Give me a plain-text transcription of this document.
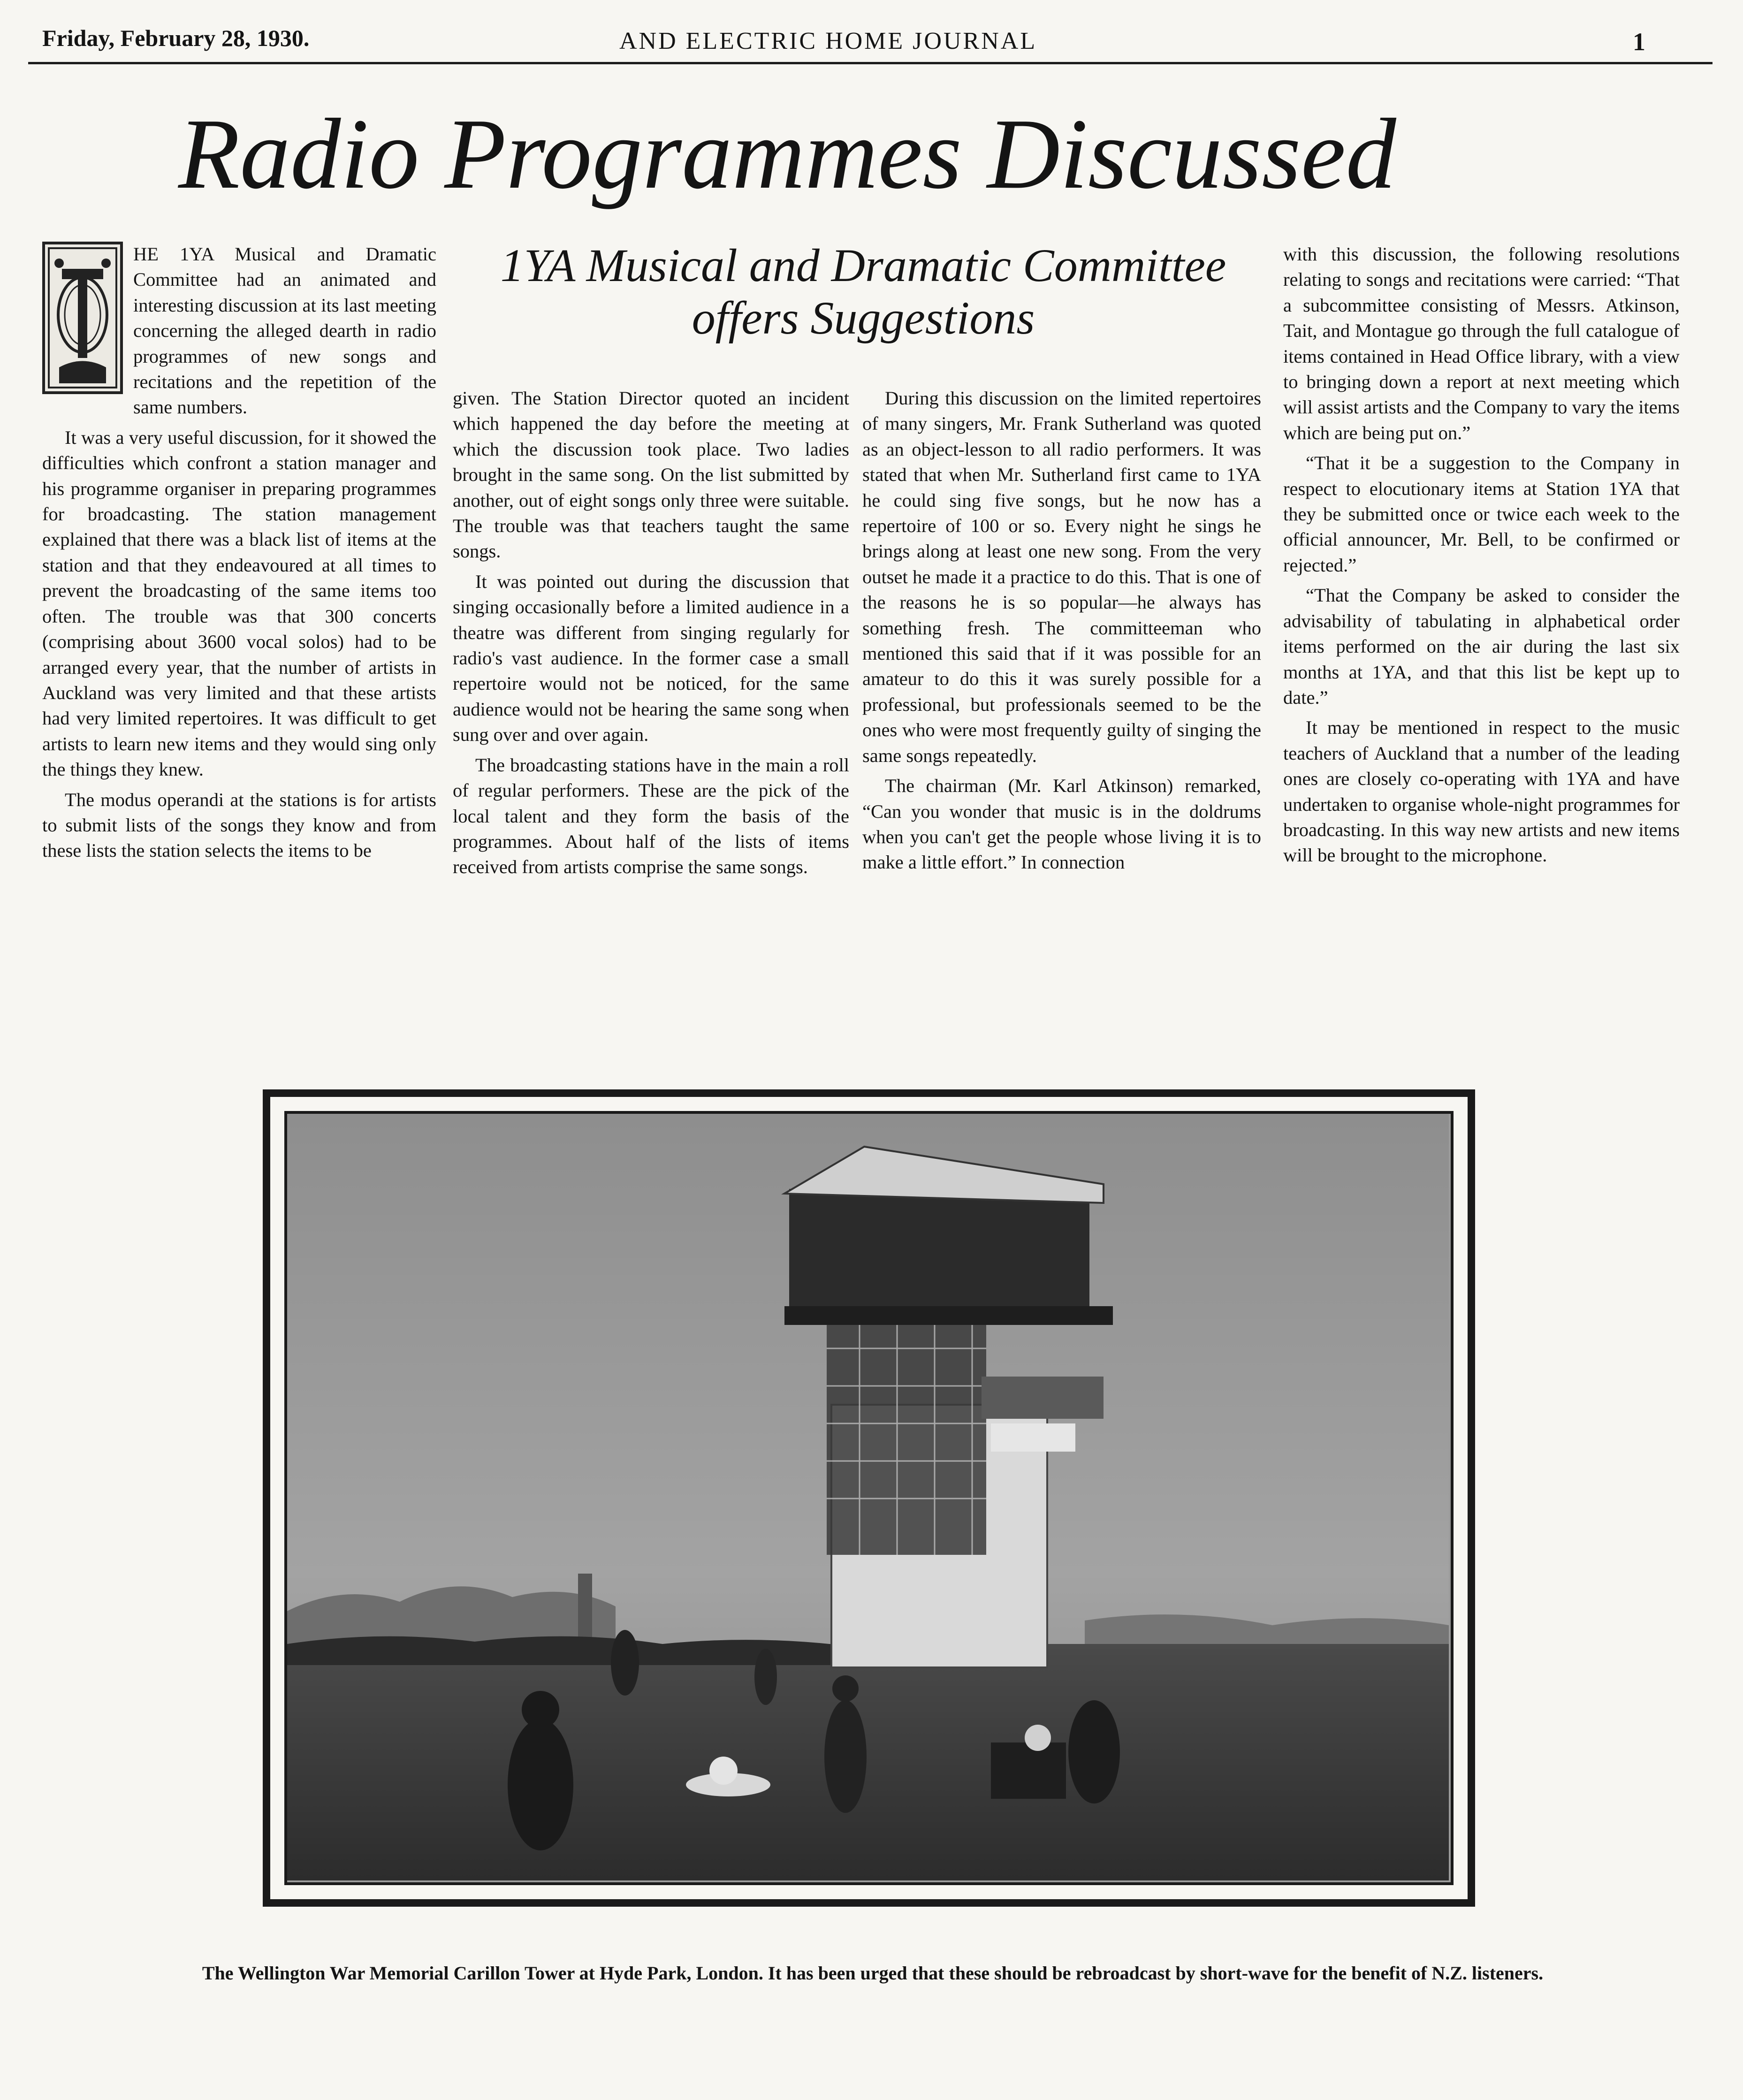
Friday, February 28, 1930.	AND ELECTRIC HOME JOURNAL	1
Radio Programmes Discussed
1YA Musical and Dramatic Committee offers Suggestions

HE 1YA Musical and Dramatic Committee had an animated and interesting discussion at its last meeting concerning the alleged dearth in radio programmes of new songs and recitations and the repetition of the same numbers.

It was a very useful discussion, for it showed the difficulties which confront a station manager and his programme organiser in preparing programmes for broadcasting. The station management explained that there was a black list of items at the station and that they endeavoured at all times to prevent the broadcasting of the same items too often. The trouble was that 300 concerts (comprising about 3600 vocal solos) had to be arranged every year, that the number of artists in Auckland was very limited and that these artists had very limited repertoires. It was difficult to get artists to learn new items and they would sing only the things they knew.

The modus operandi at the stations is for artists to submit lists of the songs they know and from these lists the station selects the items to be

given. The Station Director quoted an incident which happened the day before the meeting at which the discussion took place. Two ladies brought in the same song. On the list submitted by another, out of eight songs only three were suitable. The trouble was that teachers taught the same songs.

It was pointed out during the discussion that singing occasionally before a limited audience in a theatre was different from singing regularly for radio's vast audience. In the former case a small repertoire would not be noticed, for the same audience would not be hearing the same song when sung over and over again.

The broadcasting stations have in the main a roll of regular performers. These are the pick of the local talent and they form the basis of the programmes. About half of the lists of items received from artists comprise the same songs.

During this discussion on the limited repertoires of many singers, Mr. Frank Sutherland was quoted as an object-lesson to all radio performers. It was stated that when Mr. Sutherland first came to 1YA he could sing five songs, but he now has a repertoire of 100 or so. Every night he sings he brings along at least one new song. From the very outset he made it a practice to do this. That is one of the reasons he is so popular—he always has something fresh. The committeeman who mentioned this said that if it was possible for an amateur to do this it was surely possible for a professional, but professionals seemed to be the ones who were most frequently guilty of singing the same songs repeatedly.

The chairman (Mr. Karl Atkinson) remarked, “Can you wonder that music is in the doldrums when you can't get the people whose living it is to make a little effort.” In connection

with this discussion, the following resolutions relating to songs and recitations were carried: “That a subcommittee consisting of Messrs. Atkinson, Tait, and Montague go through the full catalogue of items contained in Head Office library, with a view to bringing down a report at next meeting which will assist artists and the Company to vary the items which are being put on.”

“That it be a suggestion to the Company in respect to elocutionary items at Station 1YA that they be submitted once or twice each week to the official announcer, Mr. Bell, to be confirmed or rejected.”

“That the Company be asked to consider the advisability of tabulating in alphabetical order items performed on the air during the last six months at 1YA, and that this list be kept up to date.”

It may be mentioned in respect to the music teachers of Auckland that a number of the leading ones are closely co-operating with 1YA and have undertaken to organise whole-night programmes for broadcasting. In this way new artists and new items will be brought to the microphone.

The Wellington War Memorial Carillon Tower at Hyde Park, London. It has been urged that these should be rebroadcast by short-wave for the benefit of N.Z. listeners.
